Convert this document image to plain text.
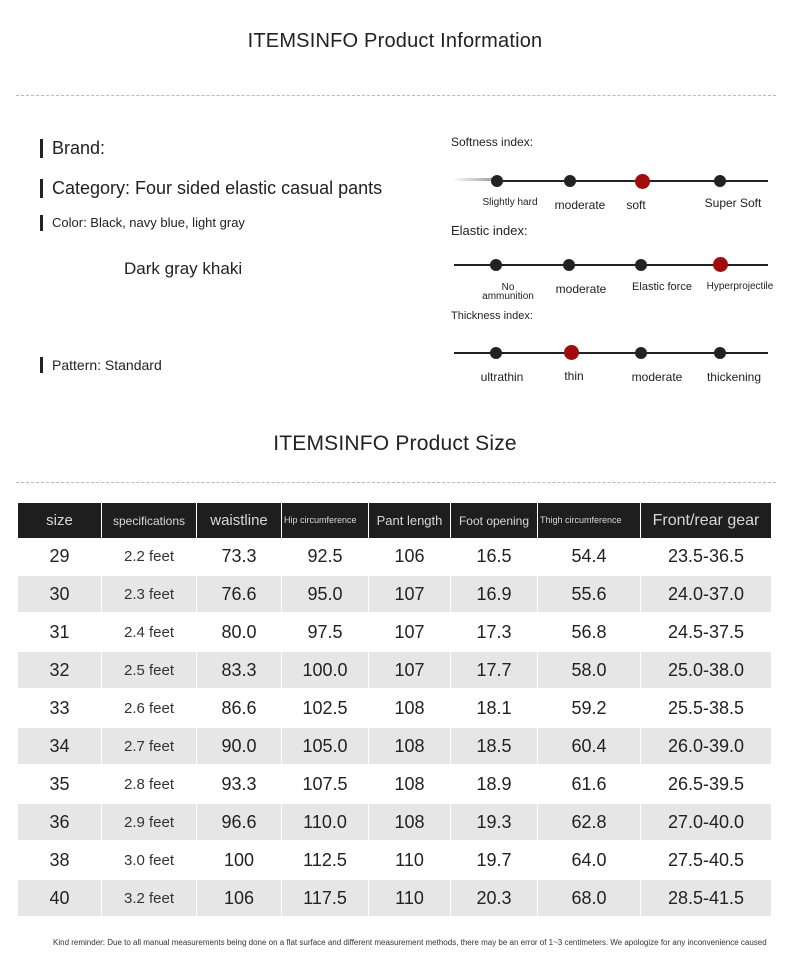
ITEMSINFO Product Information
Brand:
Category: Four sided elastic casual pants
Color: Black, navy blue, light gray
Dark gray khaki
Pattern: Standard
Softness index:
Slightly hard moderate soft	Super Soft
Elastic index:
No ammunition
moderate Elastic force Hyperprojectile
Thickness index:
ultrathin	thin	moderate thickening
ITEMSINFO Product Size
size	specifications	waistline	Hip circumference	Pant length	Foot opening	Thigh circumference	Front/rear gear
29	2.2 feet	73.3	92.5	106	16.5	54.4	23.5-36.5
30	2.3 feet	76.6	95.0	107	16.9	55.6	24.0-37.0
31	2.4 feet	80.0	97.5	107	17.3	56.8	24.5-37.5
32	2.5 feet	83.3	100.0	107	17.7	58.0	25.0-38.0
33	2.6 feet	86.6	102.5	108	18.1	59.2	25.5-38.5
34	2.7 feet	90.0	105.0	108	18.5	60.4	26.0-39.0
35	2.8 feet	93.3	107.5	108	18.9	61.6	26.5-39.5
36	2.9 feet	96.6	110.0	108	19.3	62.8	27.0-40.0
38	3.0 feet	100	112.5	110	19.7	64.0	27.5-40.5
40	3.2 feet	106	117.5	110	20.3	68.0	28.5-41.5
Kind reminder: Due to all manual measurements being done on a flat surface and different measurement methods, there may be an error of 1~3 centimeters. We apologize for any inconvenience caused
